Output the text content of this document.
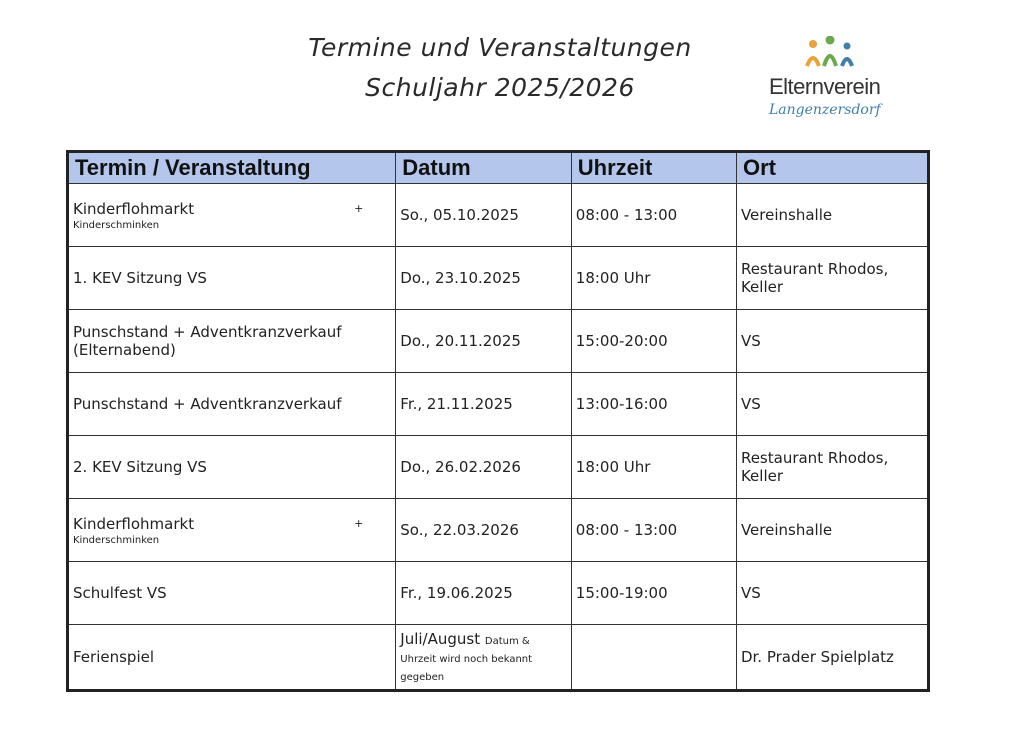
Termine und Veranstaltungen
Schuljahr 2025/2026	Elternverein
Langenzersdorf
Termin / Veranstaltung	Datum	Uhrzeit	Ort

+
Kinderflohmarkt
Kinderschminken	So., 05.10.2025	08:00 - 13:00	Vereinshalle

1. KEV Sitzung VS	Do., 23.10.2025	18:00 Uhr	Restaurant Rhodos, Keller

Punschstand + Adventkranzverkauf (Elternabend)	Do., 20.11.2025	15:00-20:00	VS

Punschstand + Adventkranzverkauf	Fr., 21.11.2025	13:00-16:00	VS

2. KEV Sitzung VS	Do., 26.02.2026	18:00 Uhr	Restaurant Rhodos, Keller

+
Kinderflohmarkt
Kinderschminken	So., 22.03.2026	08:00 - 13:00	Vereinshalle

Schulfest VS	Fr., 19.06.2025	15:00-19:00	VS
Ferienspiel	Juli/August Datum & Uhrzeit wird noch bekannt gegeben		Dr. Prader Spielplatz
